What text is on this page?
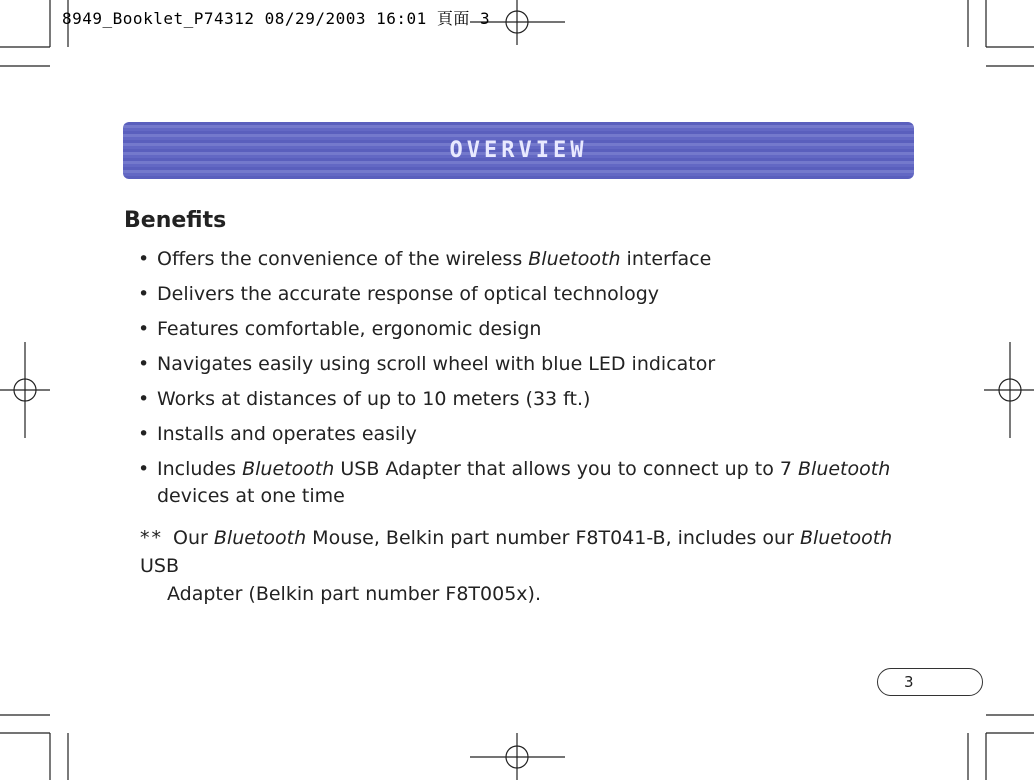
8949_Booklet_P74312 08/29/2003 16:01 頁面 3
OVERVIEW
Benefits
• Offers the convenience of the wireless Bluetooth interface
• Delivers the accurate response of optical technology
• Features comfortable, ergonomic design
• Navigates easily using scroll wheel with blue LED indicator
• Works at distances of up to 10 meters (33 ft.)
• Installs and operates easily
• Includes Bluetooth USB Adapter that allows you to connect up to 7 Bluetooth
devices at one time
** Our Bluetooth Mouse, Belkin part number F8T041-B, includes our Bluetooth USB
Adapter (Belkin part number F8T005x).
3
